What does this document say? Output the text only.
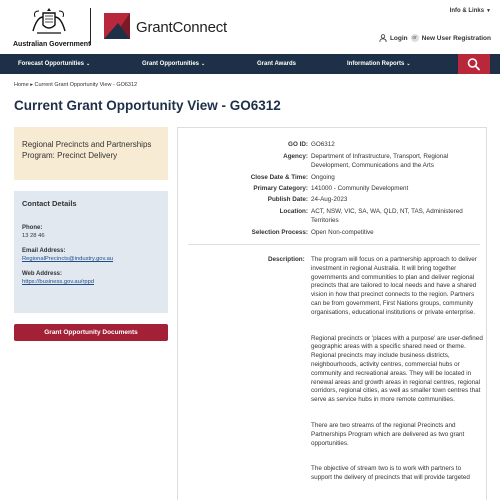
Australian Government
GrantConnect
Info & Links ▼
Login or New User Registration
Forecast Opportunities ⌄	Grant Opportunities ⌄	Grant Awards	Information Reports ⌄
Home ▸ Current Grant Opportunity View - GO6312
Current Grant Opportunity View - GO6312
Regional Precincts and Partnerships Program: Precinct Delivery
Contact Details
Phone:
13 28 46
Email Address:
RegionalPrecincts@industry.gov.au
Web Address:
https://business.gov.au/rppd
Grant Opportunity Documents
GO ID: GO6312
Agency: Department of Infrastructure, Transport, Regional Development, Communications and the Arts
Close Date & Time: Ongoing
Primary Category: 141000 - Community Development
Publish Date: 24-Aug-2023
Location: ACT, NSW, VIC, SA, WA, QLD, NT, TAS, Administered Territories
Selection Process: Open Non-competitive
Description: The program will focus on a partnership approach to deliver investment in regional Australia. It will bring together governments and communities to plan and deliver regional precincts that are tailored to local needs and have a shared vision in how that precinct connects to the region. Partners can be from government, First Nations groups, community organisations, educational institutions or private enterprise.

Regional precincts or 'places with a purpose' are user-defined geographic areas with a specific shared need or theme. Regional precincts may include business districts, neighbourhoods, activity centres, commercial hubs or community and recreational areas. They will be located in renewal areas and growth areas in regional centres, regional corridors, regional cities, as well as smaller town centres that serve as service hubs in more remote communities.

There are two streams of the regional Precincts and Partnerships Program which are delivered as two grant opportunities.

The objective of stream two is to work with partners to support the delivery of precincts that will provide targeted
